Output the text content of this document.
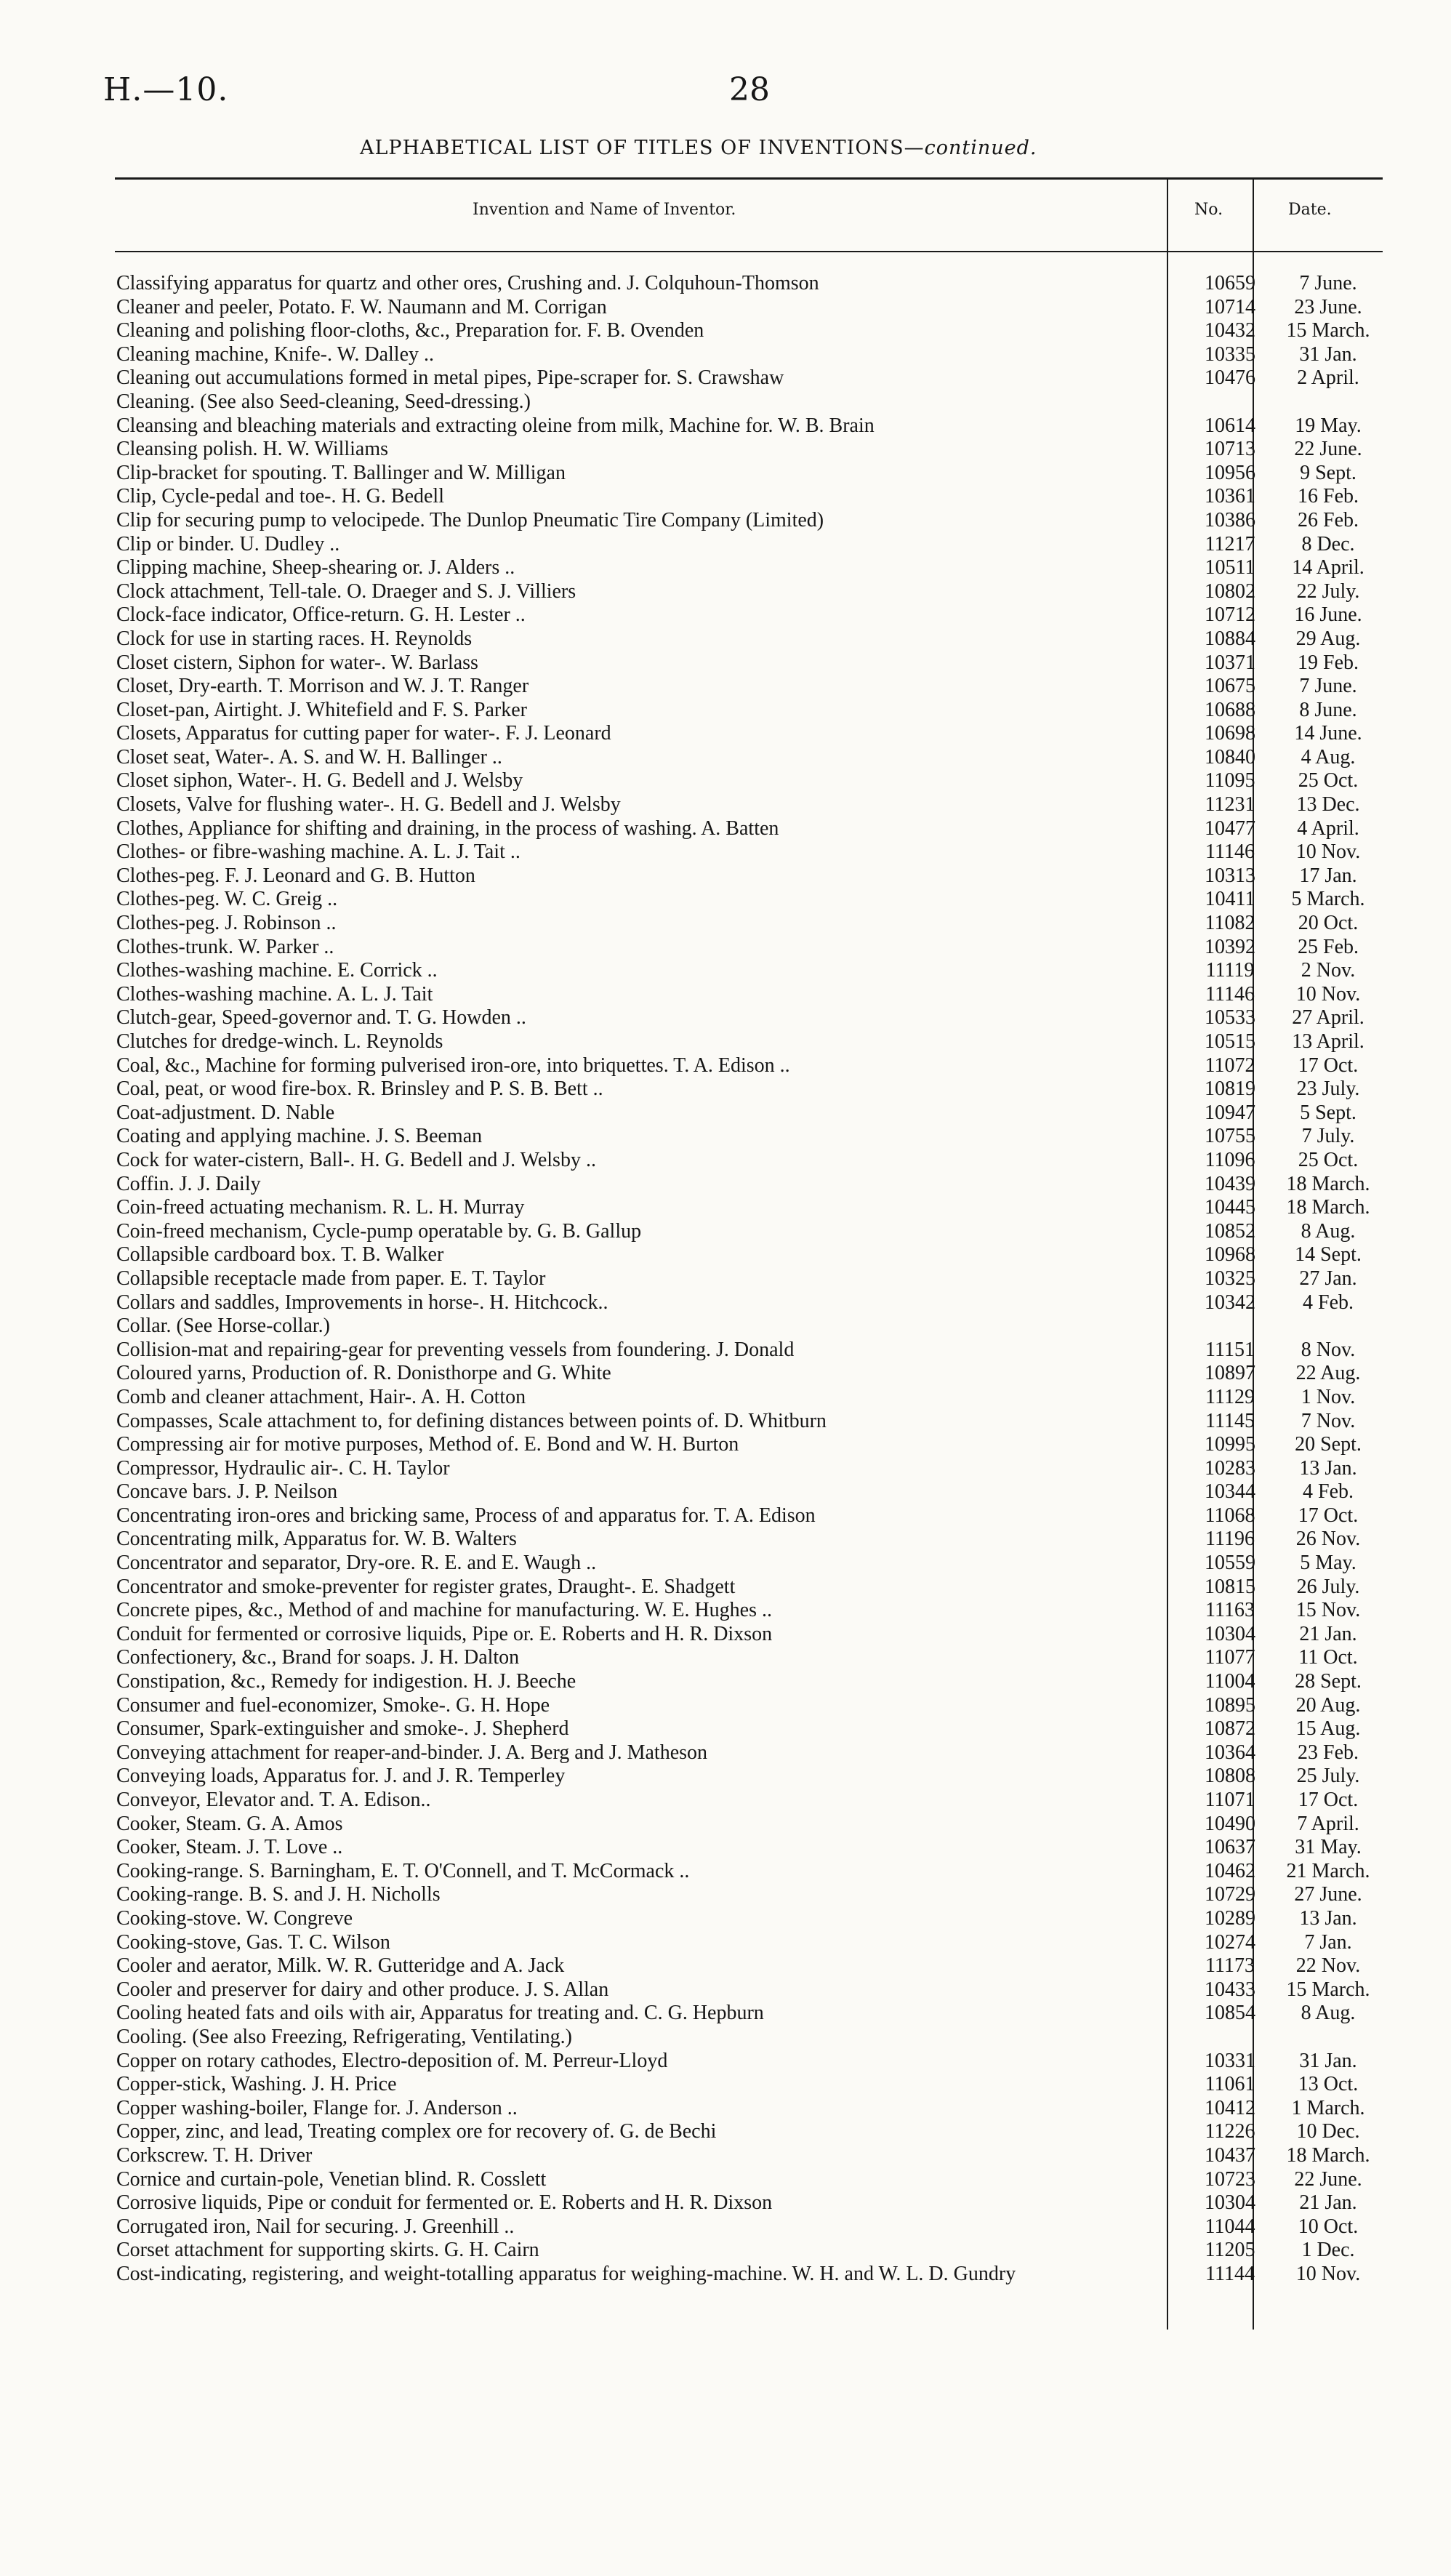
H.—10.	28
ALPHABETICAL LIST OF TITLES OF INVENTIONS—continued.
Invention and Name of Inventor.	No.	Date.
Classifying apparatus for quartz and other ores, Crushing and. J. Colquhoun-Thomson	10659	7 June.
Cleaner and peeler, Potato. F. W. Naumann and M. Corrigan	10714	23 June.
Cleaning and polishing floor-cloths, &c., Preparation for. F. B. Ovenden	10432	15 March.
Cleaning machine, Knife-. W. Dalley ..	10335	31 Jan.
Cleaning out accumulations formed in metal pipes, Pipe-scraper for. S. Crawshaw	10476	2 April.
Cleaning. (See also Seed-cleaning, Seed-dressing.)
Cleansing and bleaching materials and extracting oleine from milk, Machine for. W. B. Brain	10614	19 May.
Cleansing polish. H. W. Williams	10713	22 June.
Clip-bracket for spouting. T. Ballinger and W. Milligan	10956	9 Sept.
Clip, Cycle-pedal and toe-. H. G. Bedell	10361	16 Feb.
Clip for securing pump to velocipede. The Dunlop Pneumatic Tire Company (Limited)	10386	26 Feb.
Clip or binder. U. Dudley ..	11217	8 Dec.
Clipping machine, Sheep-shearing or. J. Alders ..	10511	14 April.
Clock attachment, Tell-tale. O. Draeger and S. J. Villiers	10802	22 July.
Clock-face indicator, Office-return. G. H. Lester ..	10712	16 June.
Clock for use in starting races. H. Reynolds	10884	29 Aug.
Closet cistern, Siphon for water-. W. Barlass	10371	19 Feb.
Closet, Dry-earth. T. Morrison and W. J. T. Ranger	10675	7 June.
Closet-pan, Airtight. J. Whitefield and F. S. Parker	10688	8 June.
Closets, Apparatus for cutting paper for water-. F. J. Leonard	10698	14 June.
Closet seat, Water-. A. S. and W. H. Ballinger ..	10840	4 Aug.
Closet siphon, Water-. H. G. Bedell and J. Welsby	11095	25 Oct.
Closets, Valve for flushing water-. H. G. Bedell and J. Welsby	11231	13 Dec.
Clothes, Appliance for shifting and draining, in the process of washing. A. Batten	10477	4 April.
Clothes- or fibre-washing machine. A. L. J. Tait ..	11146	10 Nov.
Clothes-peg. F. J. Leonard and G. B. Hutton	10313	17 Jan.
Clothes-peg. W. C. Greig ..	10411	5 March.
Clothes-peg. J. Robinson ..	11082	20 Oct.
Clothes-trunk. W. Parker ..	10392	25 Feb.
Clothes-washing machine. E. Corrick ..	11119	2 Nov.
Clothes-washing machine. A. L. J. Tait	11146	10 Nov.
Clutch-gear, Speed-governor and. T. G. Howden ..	10533	27 April.
Clutches for dredge-winch. L. Reynolds	10515	13 April.
Coal, &c., Machine for forming pulverised iron-ore, into briquettes. T. A. Edison ..	11072	17 Oct.
Coal, peat, or wood fire-box. R. Brinsley and P. S. B. Bett ..	10819	23 July.
Coat-adjustment. D. Nable	10947	5 Sept.
Coating and applying machine. J. S. Beeman	10755	7 July.
Cock for water-cistern, Ball-. H. G. Bedell and J. Welsby ..	11096	25 Oct.
Coffin. J. J. Daily	10439	18 March.
Coin-freed actuating mechanism. R. L. H. Murray	10445	18 March.
Coin-freed mechanism, Cycle-pump operatable by. G. B. Gallup	10852	8 Aug.
Collapsible cardboard box. T. B. Walker	10968	14 Sept.
Collapsible receptacle made from paper. E. T. Taylor	10325	27 Jan.
Collars and saddles, Improvements in horse-. H. Hitchcock..	10342	4 Feb.
Collar. (See Horse-collar.)
Collision-mat and repairing-gear for preventing vessels from foundering. J. Donald	11151	8 Nov.
Coloured yarns, Production of. R. Donisthorpe and G. White	10897	22 Aug.
Comb and cleaner attachment, Hair-. A. H. Cotton	11129	1 Nov.
Compasses, Scale attachment to, for defining distances between points of. D. Whitburn	11145	7 Nov.
Compressing air for motive purposes, Method of. E. Bond and W. H. Burton	10995	20 Sept.
Compressor, Hydraulic air-. C. H. Taylor	10283	13 Jan.
Concave bars. J. P. Neilson	10344	4 Feb.
Concentrating iron-ores and bricking same, Process of and apparatus for. T. A. Edison	11068	17 Oct.
Concentrating milk, Apparatus for. W. B. Walters	11196	26 Nov.
Concentrator and separator, Dry-ore. R. E. and E. Waugh ..	10559	5 May.
Concentrator and smoke-preventer for register grates, Draught-. E. Shadgett	10815	26 July.
Concrete pipes, &c., Method of and machine for manufacturing. W. E. Hughes ..	11163	15 Nov.
Conduit for fermented or corrosive liquids, Pipe or. E. Roberts and H. R. Dixson	10304	21 Jan.
Confectionery, &c., Brand for soaps. J. H. Dalton	11077	11 Oct.
Constipation, &c., Remedy for indigestion. H. J. Beeche	11004	28 Sept.
Consumer and fuel-economizer, Smoke-. G. H. Hope	10895	20 Aug.
Consumer, Spark-extinguisher and smoke-. J. Shepherd	10872	15 Aug.
Conveying attachment for reaper-and-binder. J. A. Berg and J. Matheson	10364	23 Feb.
Conveying loads, Apparatus for. J. and J. R. Temperley	10808	25 July.
Conveyor, Elevator and. T. A. Edison..	11071	17 Oct.
Cooker, Steam. G. A. Amos	10490	7 April.
Cooker, Steam. J. T. Love ..	10637	31 May.
Cooking-range. S. Barningham, E. T. O'Connell, and T. McCormack ..	10462	21 March.
Cooking-range. B. S. and J. H. Nicholls	10729	27 June.
Cooking-stove. W. Congreve	10289	13 Jan.
Cooking-stove, Gas. T. C. Wilson	10274	7 Jan.
Cooler and aerator, Milk. W. R. Gutteridge and A. Jack	11173	22 Nov.
Cooler and preserver for dairy and other produce. J. S. Allan	10433	15 March.
Cooling heated fats and oils with air, Apparatus for treating and. C. G. Hepburn	10854	8 Aug.
Cooling. (See also Freezing, Refrigerating, Ventilating.)
Copper on rotary cathodes, Electro-deposition of. M. Perreur-Lloyd	10331	31 Jan.
Copper-stick, Washing. J. H. Price	11061	13 Oct.
Copper washing-boiler, Flange for. J. Anderson ..	10412	1 March.
Copper, zinc, and lead, Treating complex ore for recovery of. G. de Bechi	11226	10 Dec.
Corkscrew. T. H. Driver	10437	18 March.
Cornice and curtain-pole, Venetian blind. R. Cosslett	10723	22 June.
Corrosive liquids, Pipe or conduit for fermented or. E. Roberts and H. R. Dixson	10304	21 Jan.
Corrugated iron, Nail for securing. J. Greenhill ..	11044	10 Oct.
Corset attachment for supporting skirts. G. H. Cairn	11205	1 Dec.
Cost-indicating, registering, and weight-totalling apparatus for weighing-machine. W. H. and W. L. D. Gundry	11144	10 Nov.
